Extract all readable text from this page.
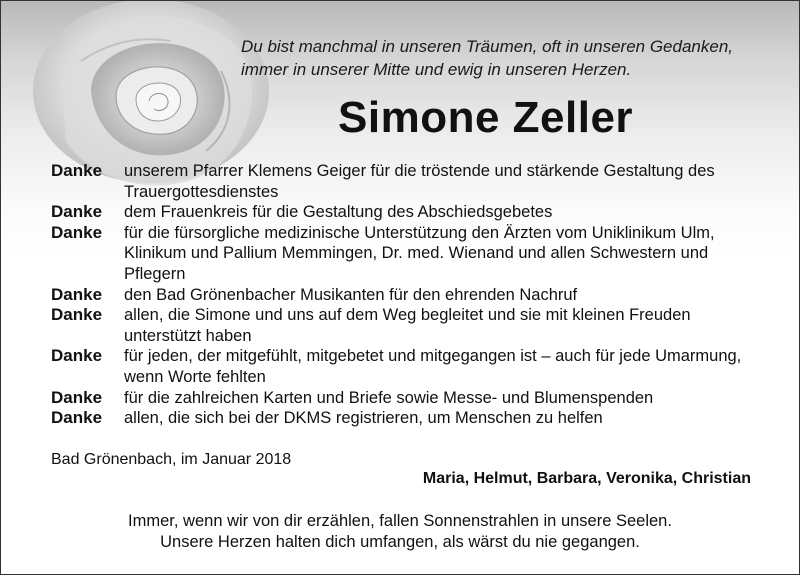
Du bist manchmal in unseren Träumen, oft in unseren Gedanken,
immer in unserer Mitte und ewig in unseren Herzen.
Simone Zeller
Danke	unserem Pfarrer Klemens Geiger für die tröstende und stärkende Gestaltung des Trauergottesdienstes
Danke	dem Frauenkreis für die Gestaltung des Abschiedsgebetes
Danke	für die fürsorgliche medizinische Unterstützung den Ärzten vom Uniklinikum Ulm, Klinikum und Pallium Memmingen, Dr. med. Wienand und allen Schwestern und Pflegern
Danke	den Bad Grönenbacher Musikanten für den ehrenden Nachruf
Danke	allen, die Simone und uns auf dem Weg begleitet und sie mit kleinen Freuden unterstützt haben
Danke	für jeden, der mitgefühlt, mitgebetet und mitgegangen ist – auch für jede Umarmung, wenn Worte fehlten
Danke	für die zahlreichen Karten und Briefe sowie Messe- und Blumenspenden
Danke	allen, die sich bei der DKMS registrieren, um Menschen zu helfen
Bad Grönenbach, im Januar 2018
Maria, Helmut, Barbara, Veronika, Christian
Immer, wenn wir von dir erzählen, fallen Sonnenstrahlen in unsere Seelen.
Unsere Herzen halten dich umfangen, als wärst du nie gegangen.
